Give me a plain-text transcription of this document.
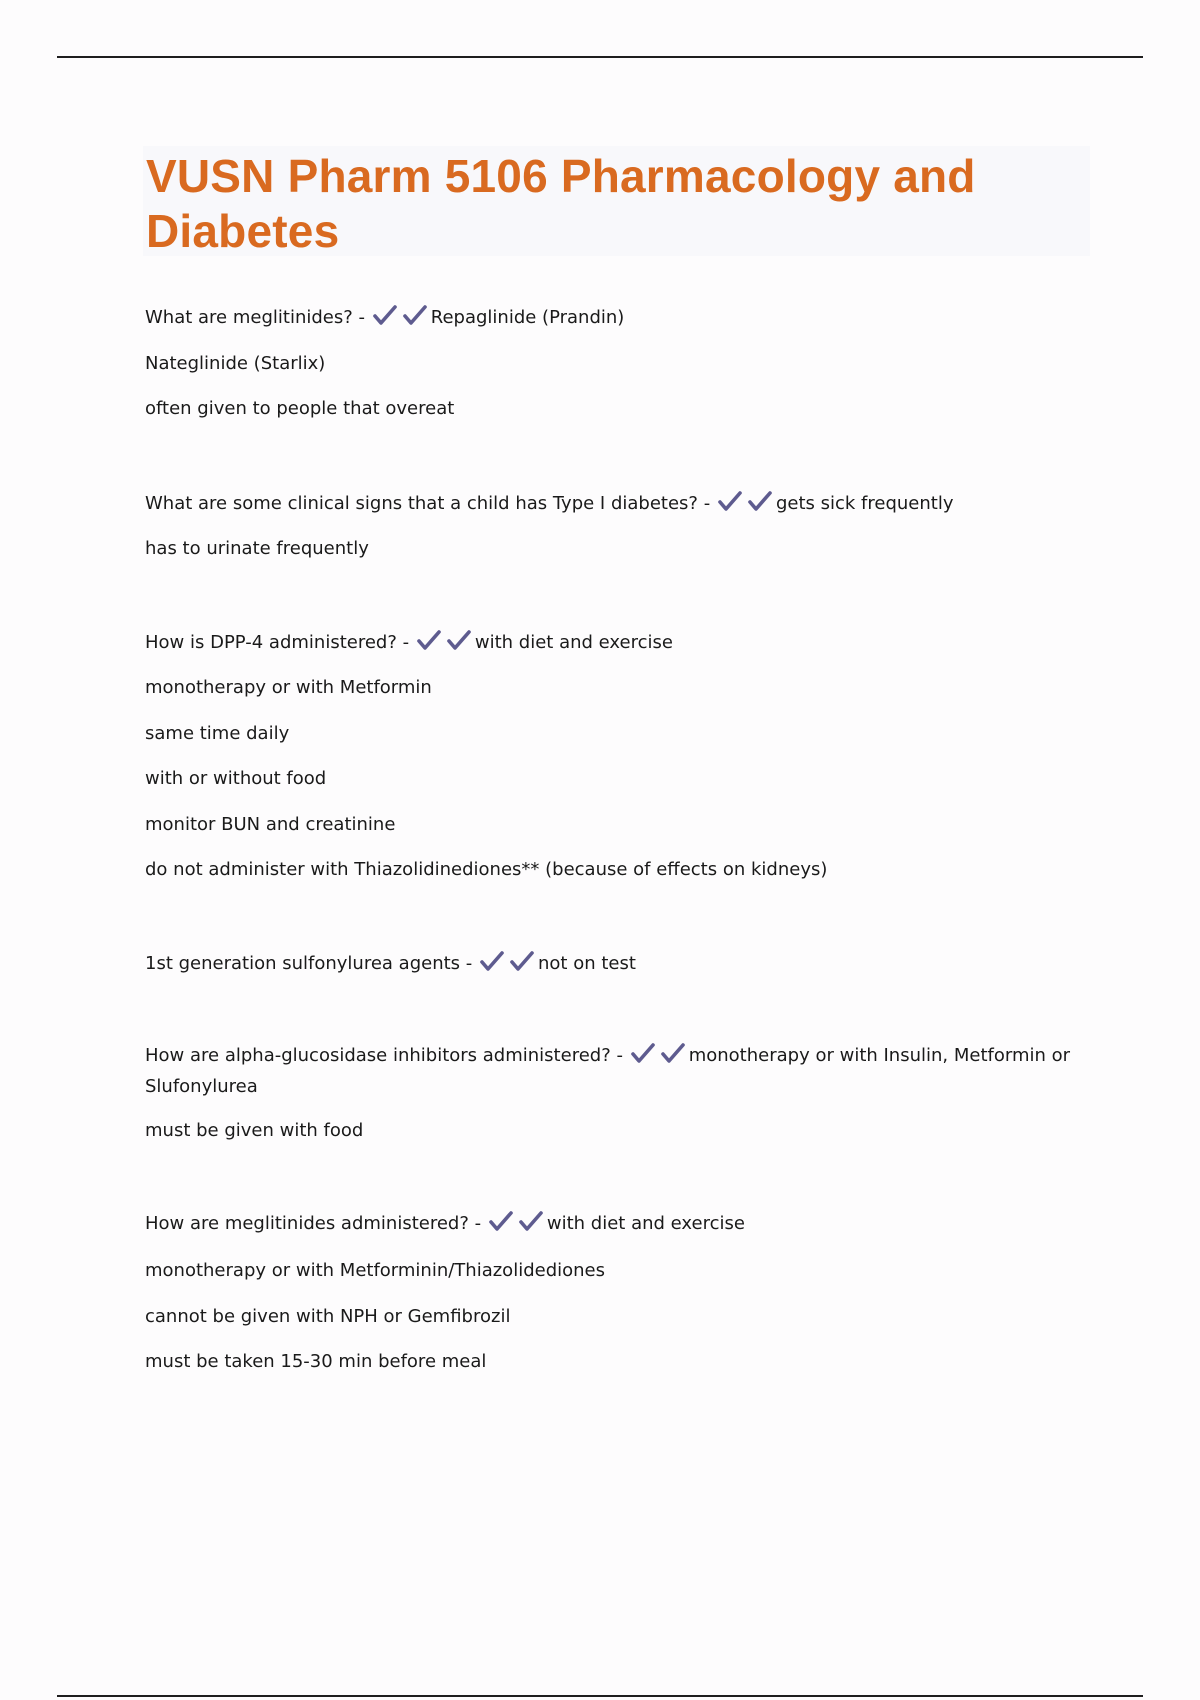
VUSN Pharm 5106 Pharmacology and Diabetes

What are meglitinides? -	Repaglinide (Prandin)

Nateglinide (Starlix)

often given to people that overeat

What are some clinical signs that a child has Type I diabetes? -	gets sick frequently

has to urinate frequently

How is DPP-4 administered? -	with diet and exercise

monotherapy or with Metformin

same time daily

with or without food

monitor BUN and creatinine

do not administer with Thiazolidinediones** (because of effects on kidneys)

1st generation sulfonylurea agents -	not on test

How are alpha-glucosidase inhibitors administered? -	monotherapy or with Insulin, Metformin or Slufonylurea

must be given with food

How are meglitinides administered? -	with diet and exercise

monotherapy or with Metforminin/Thiazolidediones

cannot be given with NPH or Gemfibrozil

must be taken 15-30 min before meal
